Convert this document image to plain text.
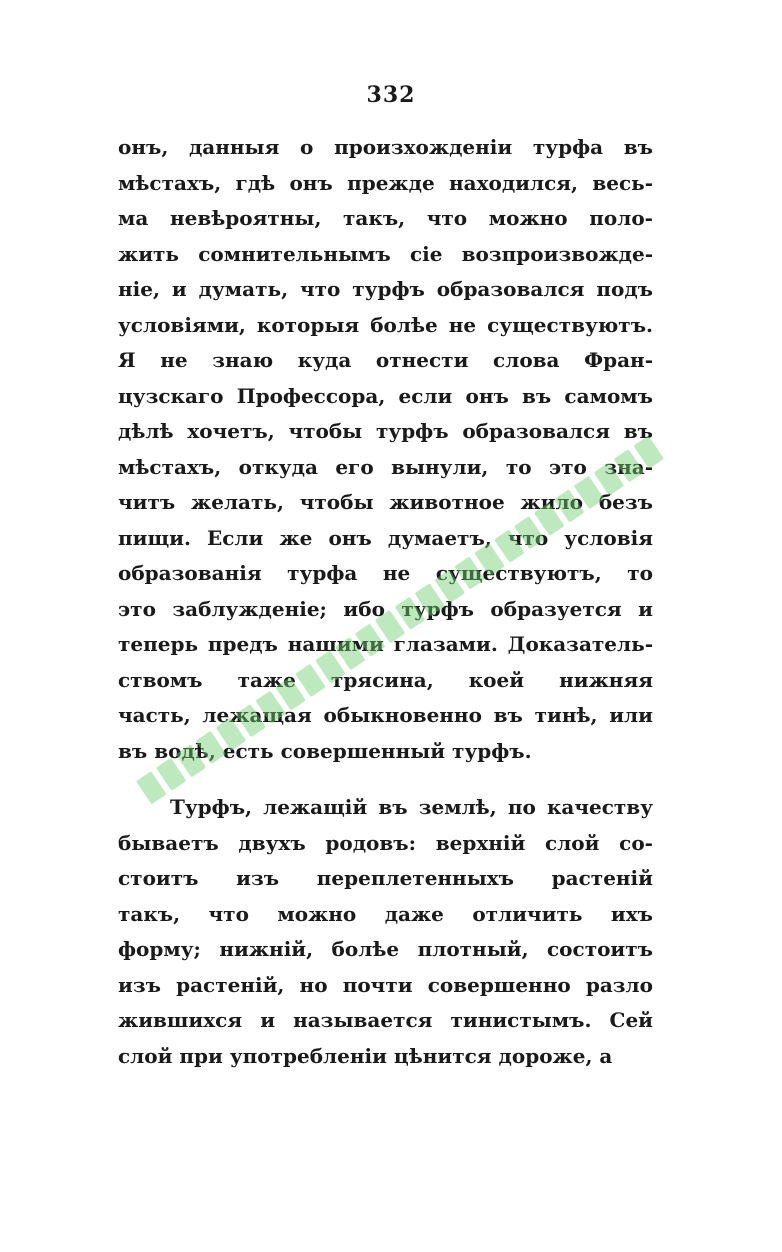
332
онъ, данныя о произхожденіи турфа въ
мѣстахъ, гдѣ онъ прежде находился, весь-
ма невѣроятны, такъ, что можно поло-
жить сомнительнымъ сіе возпроизвожде-
ніе, и думать, что турфъ образовался подъ
условіями, которыя болѣе не существуютъ.
Я не знаю куда отнести слова Фран-
цузскаго Профессора, если онъ въ самомъ
дѣлѣ хочетъ, чтобы турфъ образовался въ
мѣстахъ, откуда его вынули, то это зна-
читъ желать, чтобы животное жило безъ
пищи. Если же онъ думаетъ, что условія
образованія турфа не существуютъ, то
это заблужденіе; ибо турфъ образуется и
теперь предъ нашими глазами. Доказатель-
ствомъ таже трясина, коей нижняя
часть, лежащая обыкновенно въ тинѣ, или
въ водѣ, есть совершенный турфъ.
Турфъ, лежащій въ землѣ, по качеству
бываетъ двухъ родовъ: верхній слой со-
стоитъ изъ переплетенныхъ растеній
такъ, что можно даже отличить ихъ
форму; нижній, болѣе плотный, состоитъ
изъ растеній, но почти совершенно разло
жившихся и называется тинистымъ. Сей
слой при употребленіи цѣнится дороже, а
